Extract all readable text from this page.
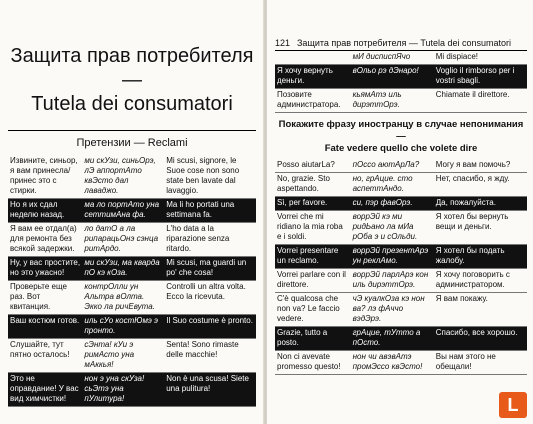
Защита прав потребителя —
Tutela dei consumatori
Претензии — Reclami
Извините, синьор, я вам принесла/принес это с стирки.	ми скУзи, синьОрэ, лЭ аппортАто квЭсто дал лаваджо.	Mi scusi, signore, le Suoe cose non sono state ben lavate dal lavaggio.
Но я их сдал неделю назад.	ма ло портАто уна сеттимАна фа.	Ma li ho portati una settimana fa.
Я вам ее отдал(а) для ремонта без всякой задержки.	ло датО а ла рипарацьОнэ сэнца ритАрдо.	L'ho data a la riparazione senza ritardo.
Ну, у вас простите, но это ужасно!	ми скУзи, ма кварда пО кэ кОза.	Mi scusi, ma guardi un po' che cosa!
Проверьте еще раз. Вот квитанция.	контрОлли ун Альтра вОлта. Экко ла ричЕвута.	Controlli un altra volta. Ecco la ricevuta.
Ваш костюм готов.	иль сУо костЮмэ э пронто.	Il Suo costume è pronto.
Слушайте, тут пятно осталось!	сЭнта! кУи э римАсто уна мАккья!	Senta! Sono rimaste delle macchie!
Это не оправдание! У вас вид химчистки!	нон э уна скУза! сьЭтэ уна пУлитура!	Non è una scusa! Siete una pulitura!
121 Защита прав потребителя — Tutela dei consumatori
	мИ дисписпЯчо	Mi dispiace!
Я хочу вернуть деньги.	вОльо рэ дЭнаро!	Voglio il rimborso per i vostri sbagli.
Позовите администратора.	кьямАтэ иль дирэттОрэ.	Chiamate il direttore.
Покажите фразу иностранцу в случае непонимания —
Fate vedere quello che volete dire
Posso aiutarLa?	пОссо аютАрЛа?	Могу я вам помочь?
No, grazie. Sto aspettando.	но, грАцие. сто аспеттАндо.	Нет, спасибо, я жду.
Sì, per favore.	си, пэр фавОрэ.	Да, пожалуйста.
Vorrei che mi ridiano la mia roba e i soldi.	воррЭй кэ ми ридЬано ла мИа рОба э и сОльди.	Я хотел бы вернуть вещи и деньги.
Vorrei presentare un reclamo.	воррЭй презентАрэ ун реклАмо.	Я хотел бы подать жалобу.
Vorrei parlare con il direttore.	воррЭй парлАрэ кон иль дирэттОрэ.	Я хочу поговорить с администратором.
C'è qualcosa che non va? Le faccio vedere.	чЭ куалкОза кэ нон ва? лэ фАччо вэдЭрэ.	Я вам покажу.
Grazie, tutto a posto.	грАцие, тУтто а пОсто.	Спасибо, все хорошо.
Non ci avevate promesso questo!	нон чи авэвАтэ промЭссо квЭсто!	Вы нам этого не обещали!
L
